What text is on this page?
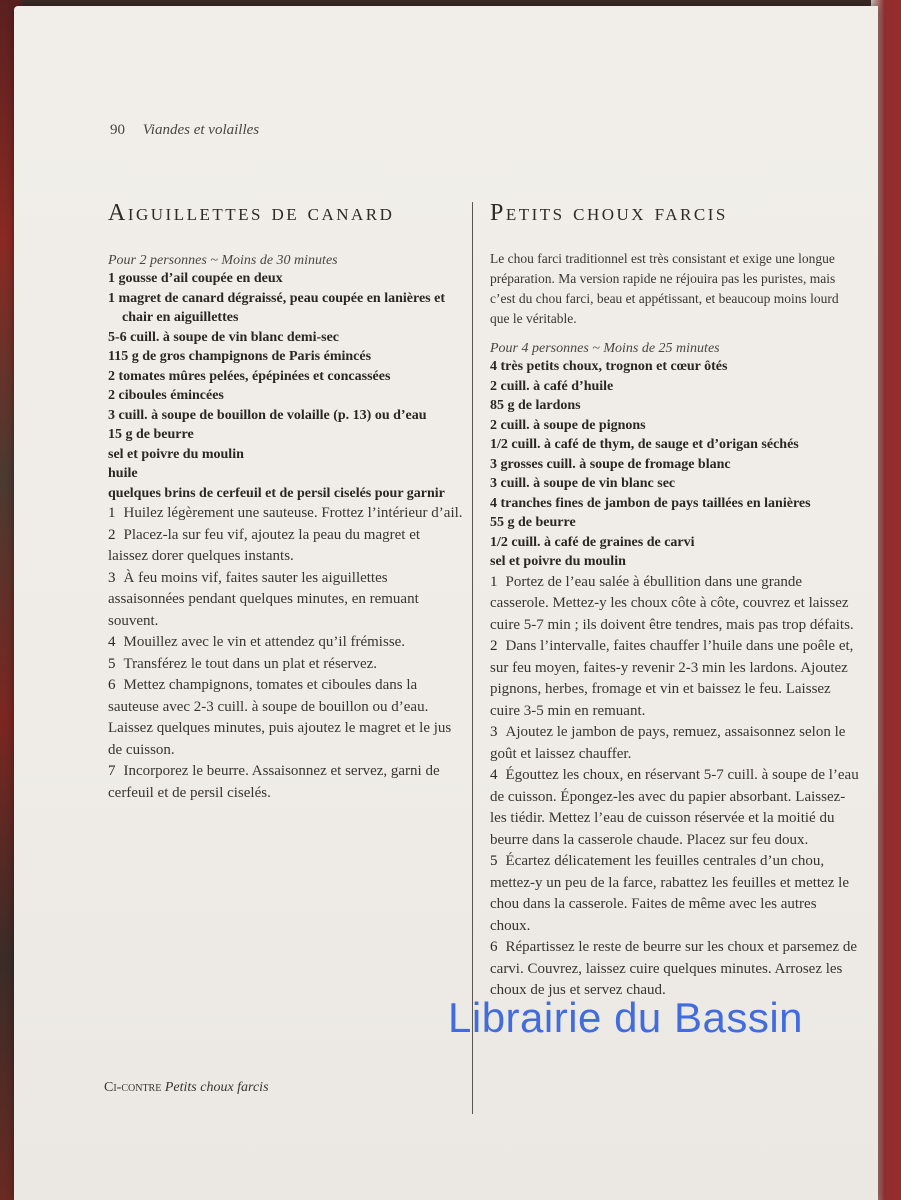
90 Viandes et volailles
Aiguillettes de canard

Pour 2 personnes ~ Moins de 30 minutes

1 gousse d’ail coupée en deux
1 magret de canard dégraissé, peau coupée en lanières et chair en aiguillettes
5-6 cuill. à soupe de vin blanc demi-sec
115 g de gros champignons de Paris émincés
2 tomates mûres pelées, épépinées et concassées
2 ciboules émincées
3 cuill. à soupe de bouillon de volaille (p. 13) ou d’eau
15 g de beurre
sel et poivre du moulin
huile
quelques brins de cerfeuil et de persil ciselés pour garnir
1 Huilez légèrement une sauteuse. Frottez l’intérieur d’ail.
2 Placez-la sur feu vif, ajoutez la peau du magret et laissez dorer quelques instants.
3 À feu moins vif, faites sauter les aiguillettes assaisonnées pendant quelques minutes, en remuant souvent.
4 Mouillez avec le vin et attendez qu’il frémisse.
5 Transférez le tout dans un plat et réservez.
6 Mettez champignons, tomates et ciboules dans la sauteuse avec 2-3 cuill. à soupe de bouillon ou d’eau. Laissez quelques minutes, puis ajoutez le magret et le jus de cuisson.
7 Incorporez le beurre. Assaisonnez et servez, garni de cerfeuil et de persil ciselés.
Petits choux farcis

Le chou farci traditionnel est très consistant et exige une longue préparation. Ma version rapide ne réjouira pas les puristes, mais c’est du chou farci, beau et appétissant, et beaucoup moins lourd que le véritable.

Pour 4 personnes ~ Moins de 25 minutes

4 très petits choux, trognon et cœur ôtés
2 cuill. à café d’huile
85 g de lardons
2 cuill. à soupe de pignons
1/2 cuill. à café de thym, de sauge et d’origan séchés
3 grosses cuill. à soupe de fromage blanc
3 cuill. à soupe de vin blanc sec
4 tranches fines de jambon de pays taillées en lanières
55 g de beurre
1/2 cuill. à café de graines de carvi
sel et poivre du moulin
1 Portez de l’eau salée à ébullition dans une grande casserole. Mettez-y les choux côte à côte, couvrez et laissez cuire 5-7 min ; ils doivent être tendres, mais pas trop défaits.
2 Dans l’intervalle, faites chauffer l’huile dans une poêle et, sur feu moyen, faites-y revenir 2-3 min les lardons. Ajoutez pignons, herbes, fromage et vin et baissez le feu. Laissez cuire 3-5 min en remuant.
3 Ajoutez le jambon de pays, remuez, assaisonnez selon le goût et laissez chauffer.
4 Égouttez les choux, en réservant 5-7 cuill. à soupe de l’eau de cuisson. Épongez-les avec du papier absorbant. Laissez-les tiédir. Mettez l’eau de cuisson réservée et la moitié du beurre dans la casserole chaude. Placez sur feu doux.
5 Écartez délicatement les feuilles centrales d’un chou, mettez-y un peu de la farce, rabattez les feuilles et mettez le chou dans la casserole. Faites de même avec les autres choux.
6 Répartissez le reste de beurre sur les choux et parsemez de carvi. Couvrez, laissez cuire quelques minutes. Arrosez les choux de jus et servez chaud.
Ci-contre Petits choux farcis
Librairie du Bassin
